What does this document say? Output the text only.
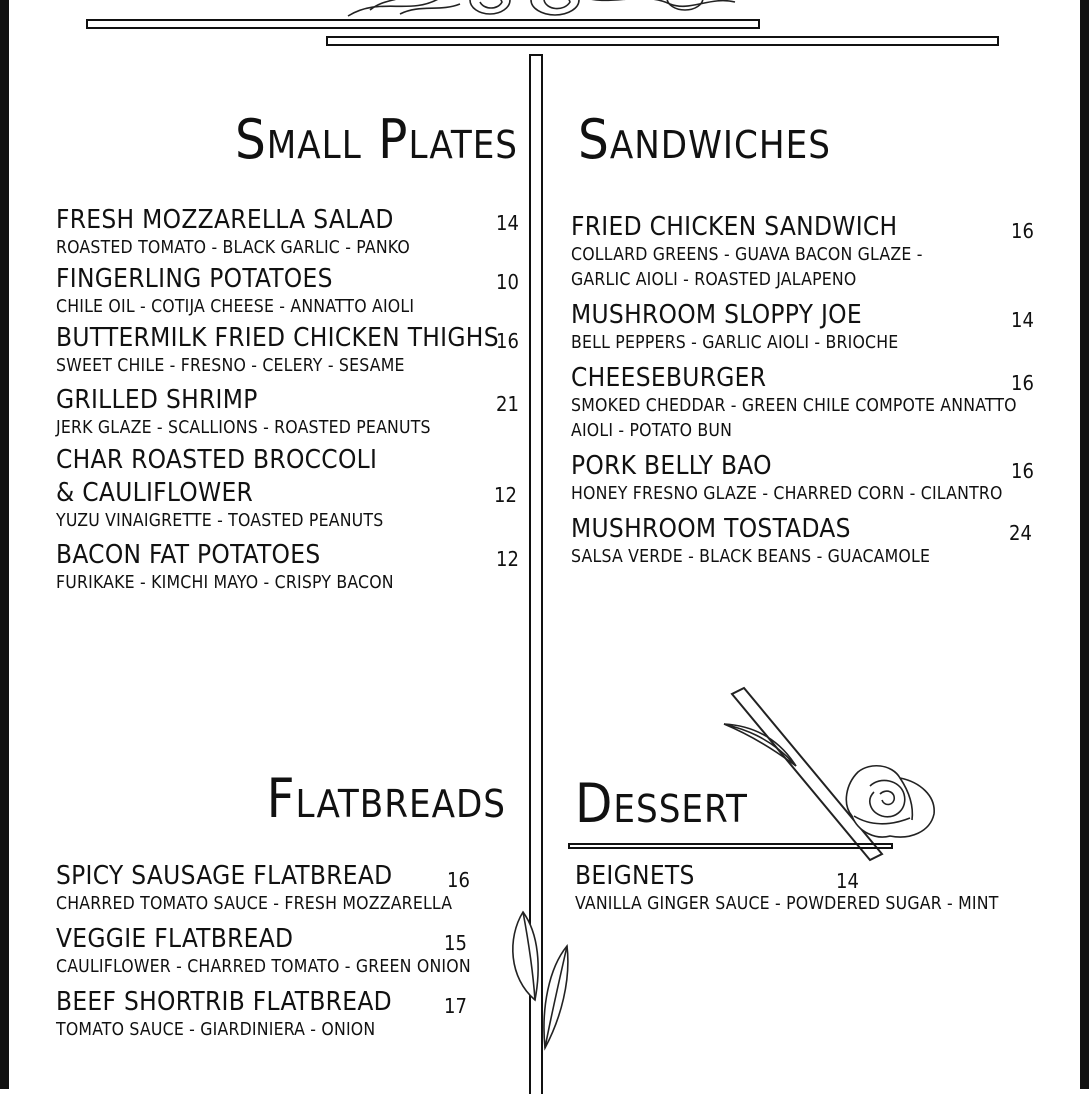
Small Plates
FRESH MOZZARELLA SALAD
ROASTED TOMATO - BLACK GARLIC - PANKO
14
FINGERLING POTATOES
CHILE OIL - COTIJA CHEESE - ANNATTO AIOLI
10
BUTTERMILK FRIED CHICKEN THIGHS
SWEET CHILE - FRESNO - CELERY - SESAME
16
GRILLED SHRIMP
JERK GLAZE - SCALLIONS - ROASTED PEANUTS
21
CHAR ROASTED BROCCOLI
& CAULIFLOWER
YUZU VINAIGRETTE - TOASTED PEANUTS
12
BACON FAT POTATOES
FURIKAKE - KIMCHI MAYO - CRISPY BACON
12
Sandwiches
FRIED CHICKEN SANDWICH
COLLARD GREENS - GUAVA BACON GLAZE -
GARLIC AIOLI - ROASTED JALAPENO
16
MUSHROOM SLOPPY JOE
BELL PEPPERS - GARLIC AIOLI - BRIOCHE
14
CHEESEBURGER
SMOKED CHEDDAR - GREEN CHILE COMPOTE ANNATTO
AIOLI - POTATO BUN
16
PORK BELLY BAO
HONEY FRESNO GLAZE - CHARRED CORN - CILANTRO
16
MUSHROOM TOSTADAS
SALSA VERDE - BLACK BEANS - GUACAMOLE
24
Flatbreads
SPICY SAUSAGE FLATBREAD
CHARRED TOMATO SAUCE - FRESH MOZZARELLA
16
VEGGIE FLATBREAD
CAULIFLOWER - CHARRED TOMATO - GREEN ONION
15
BEEF SHORTRIB FLATBREAD
TOMATO SAUCE - GIARDINIERA - ONION
17
Dessert
BEIGNETS
VANILLA GINGER SAUCE - POWDERED SUGAR - MINT
14
